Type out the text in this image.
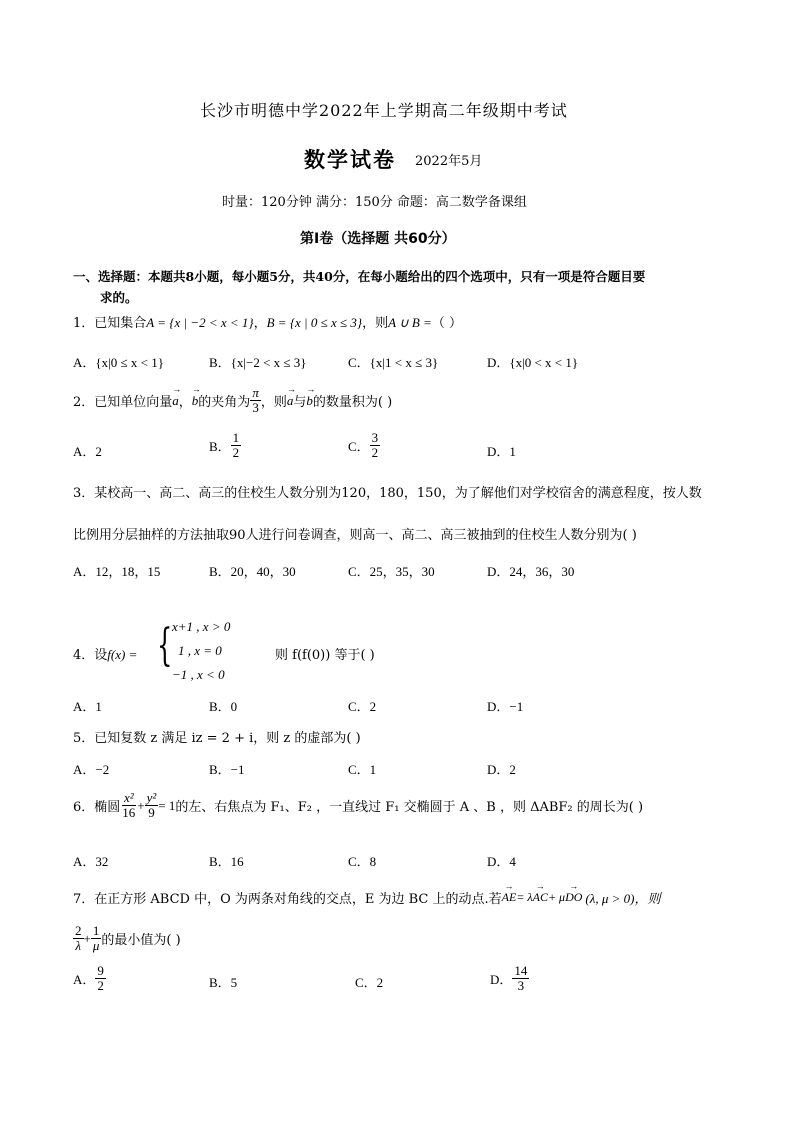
长沙市明德中学2022年上学期高二年级期中考试
数学试卷 2022年5月
时量：120分钟 满分：150分 命题：高二数学备课组
第Ⅰ卷（选择题 共60分）
一、选择题：本题共8小题，每小题5分，共40分，在每小题给出的四个选项中，只有一项是符合题目要
求的。
1．已知集合A = {x | −2 < x < 1}，B = {x | 0 ≤ x ≤ 3}，则A ∪ B =（ ）
A．{x|0 ≤ x < 1}	B．{x|−2 < x ≤ 3}	C．{x|1 < x ≤ 3}	D．{x|0 < x < 1}
2．已知单位向量 → a ， → b 的夹角为 $\frac{\pi}{3}$ ，则 → a 与 → b 的数量积为( )
A．2	B． $\frac{1}{2}$	C． $\frac{3}{2}$	D．1
3．某校高一、高二、高三的住校生人数分别为120，180，150，为了解他们对学校宿舍的满意程度，按人数
比例用分层抽样的方法抽取90人进行问卷调查，则高一、高二、高三被抽到的住校生人数分别为( )
A．12，18，15	B．20，40，30	C．25，35，30	D．24，36，30
4．设f(x) = { x+1 , x > 0
1 , x = 0
−1 , x < 0
则 f(f(0)) 等于( )
A．1	B．0	C．2	D．−1
5．已知复数 z 满足 iz = 2 + i，则 z 的虚部为( )
A．−2	B．−1	C．1	D．2
6．椭圆 $\frac{\text{x²}}{16} + \frac{\text{y²}}{9} = 1$ 的左、右焦点为 F₁、F₂ ，一直线过 F₁ 交椭圆于 A 、B ，则 ΔABF₂ 的周长为( )
A．32	B．16	C．8	D．4
7．在正方形 ABCD 中，O 为两条对角线的交点，E 为边 BC 上的动点.若 → AE = λ → AC + μ → DO (λ, μ > 0)，则
$\frac{2}{\lambda} + \frac{1}{\mu}$ 的最小值为( )
A． $\frac{9}{2}$	B．5	C．2	D． $\frac{14}{3}$
